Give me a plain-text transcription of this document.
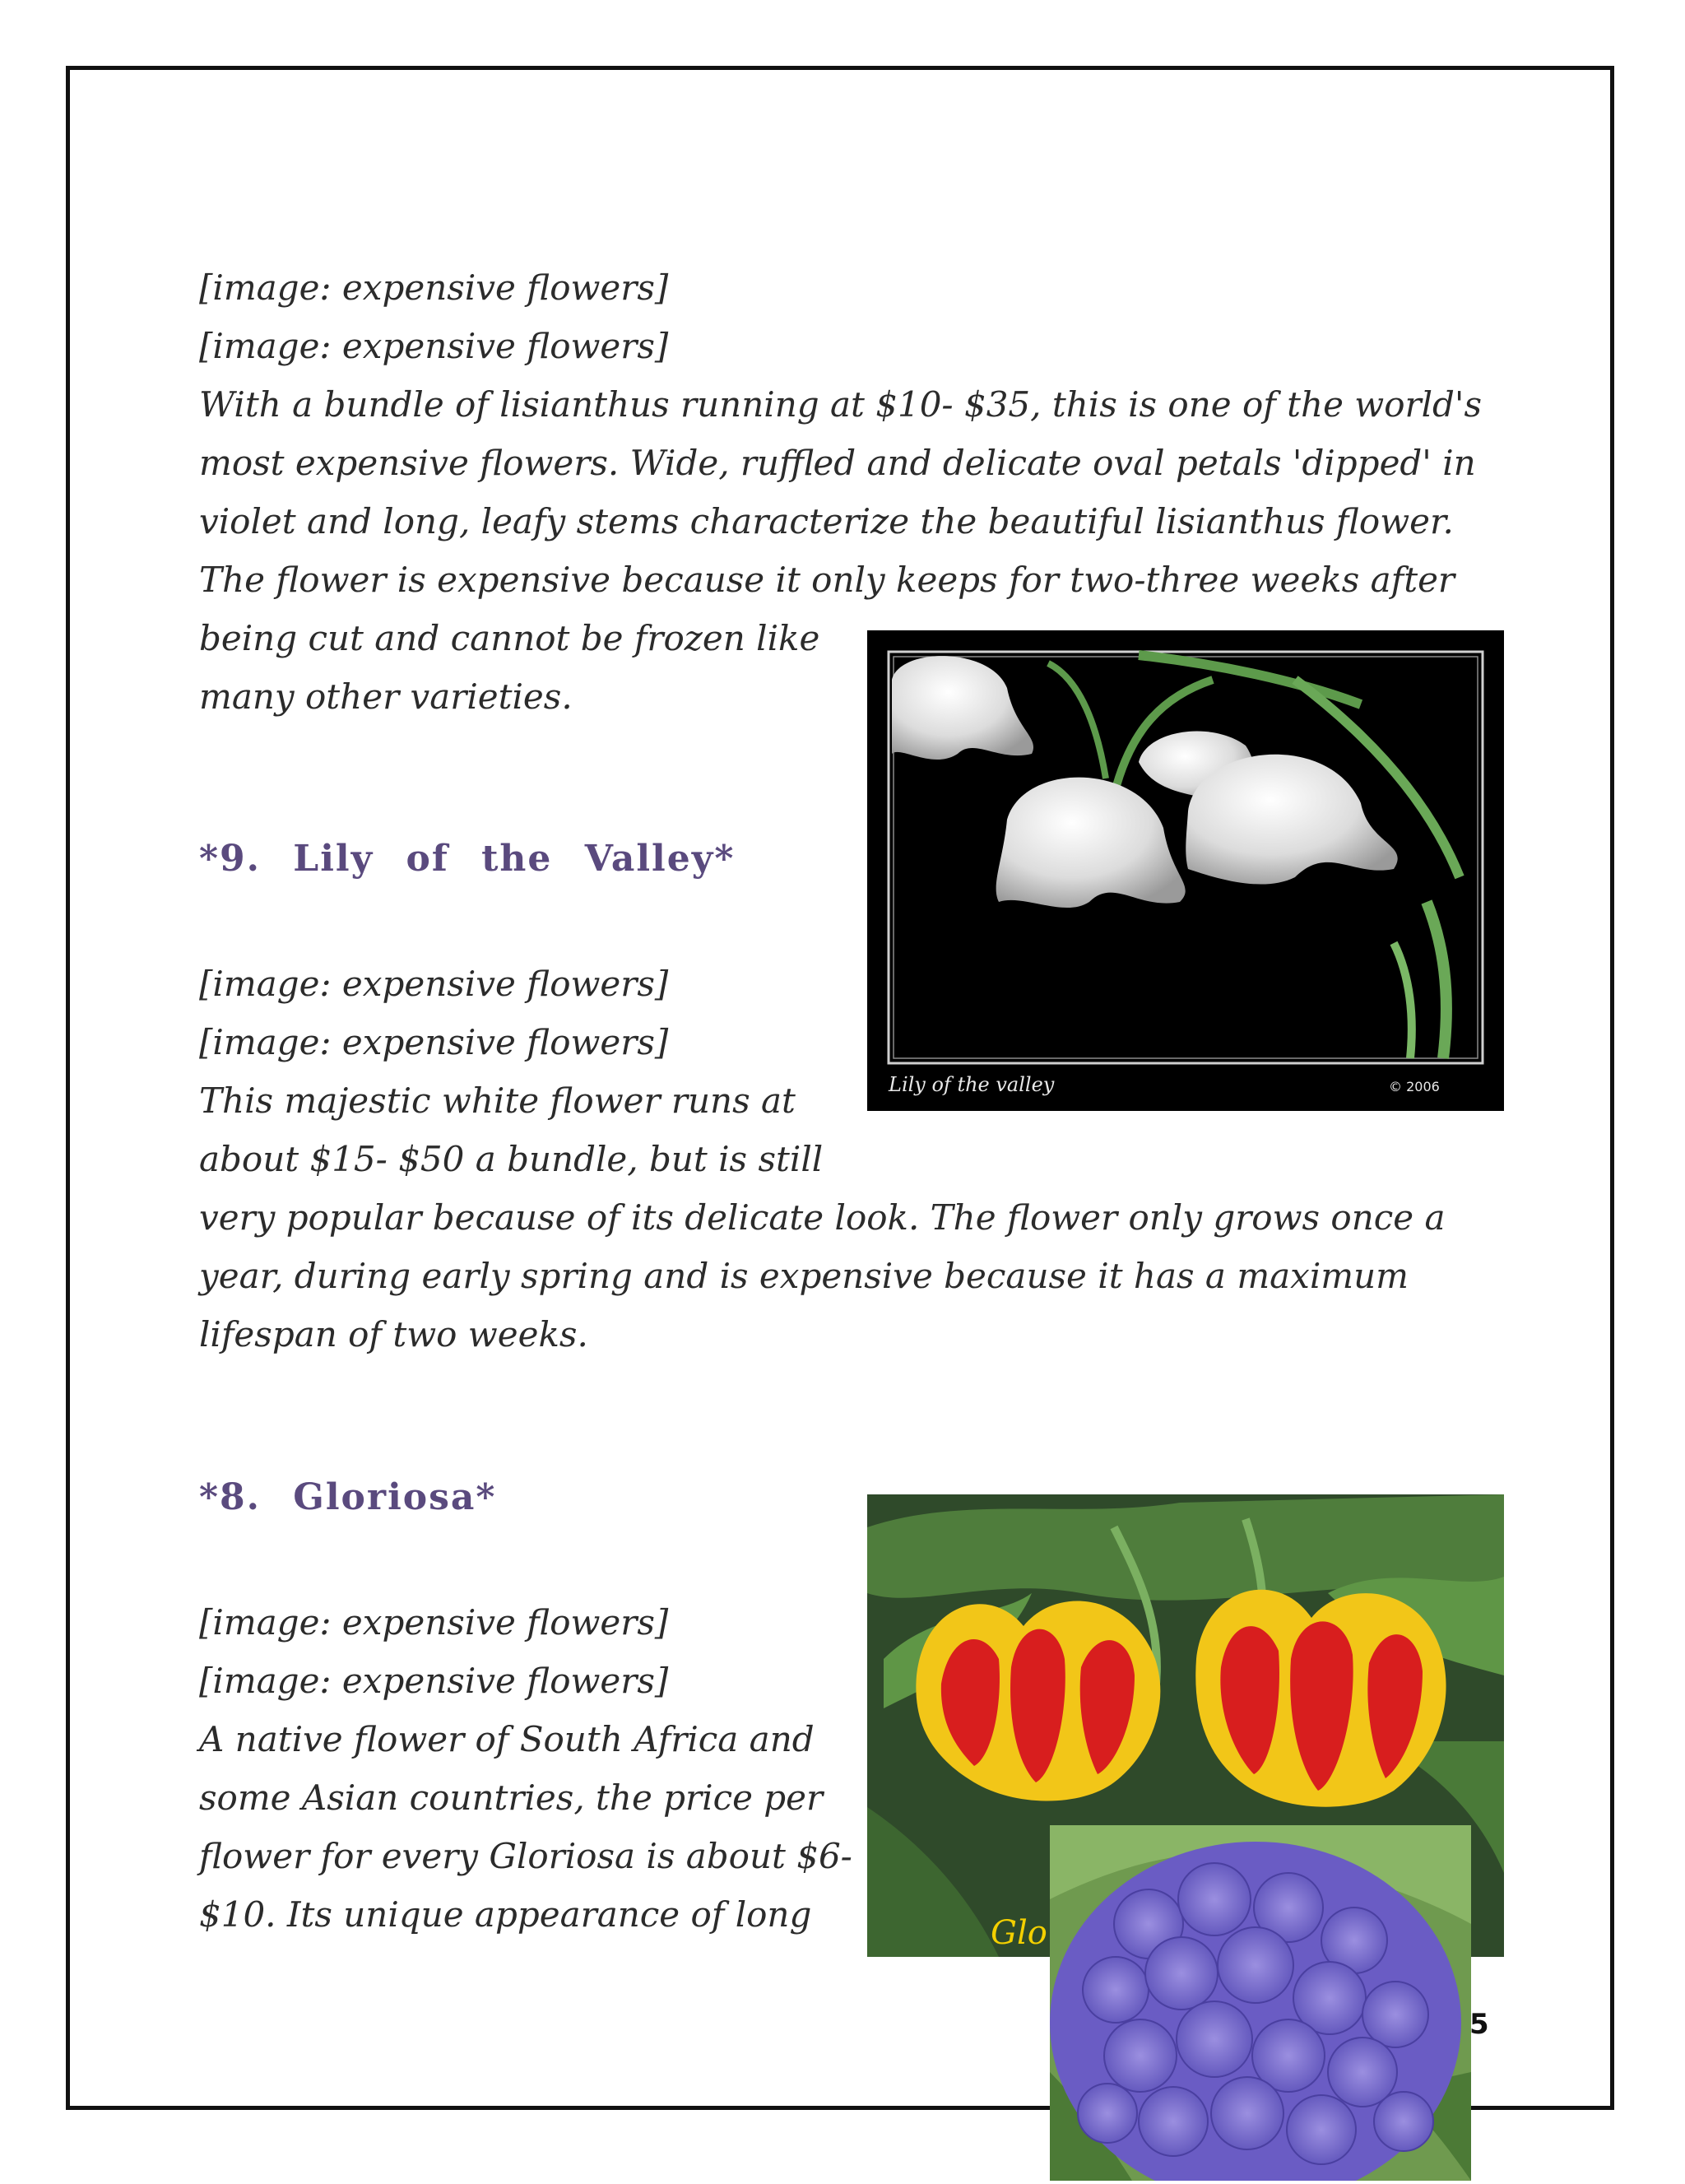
[image: expensive flowers]
[image: expensive flowers]
With a bundle of lisianthus running at $10- $35, this is one of the world's
most expensive flowers. Wide, ruffled and delicate oval petals 'dipped' in
violet and long, leafy stems characterize the beautiful lisianthus flower.
The flower is expensive because it only keeps for two-three weeks after
being cut and cannot be frozen like
many other varieties.
*9. Lily of the Valley*
[image: expensive flowers]
[image: expensive flowers]
This majestic white flower runs at
about $15- $50 a bundle, but is still
very popular because of its delicate look. The flower only grows once a
year, during early spring and is expensive because it has a maximum
lifespan of two weeks.
Lily of the valley	© 2006
*8. Gloriosa*
[image: expensive flowers]
[image: expensive flowers]
A native flower of South Africa and
some Asian countries, the price per
flower for every Gloriosa is about $6-
$10. Its unique appearance of long	Glo
5
